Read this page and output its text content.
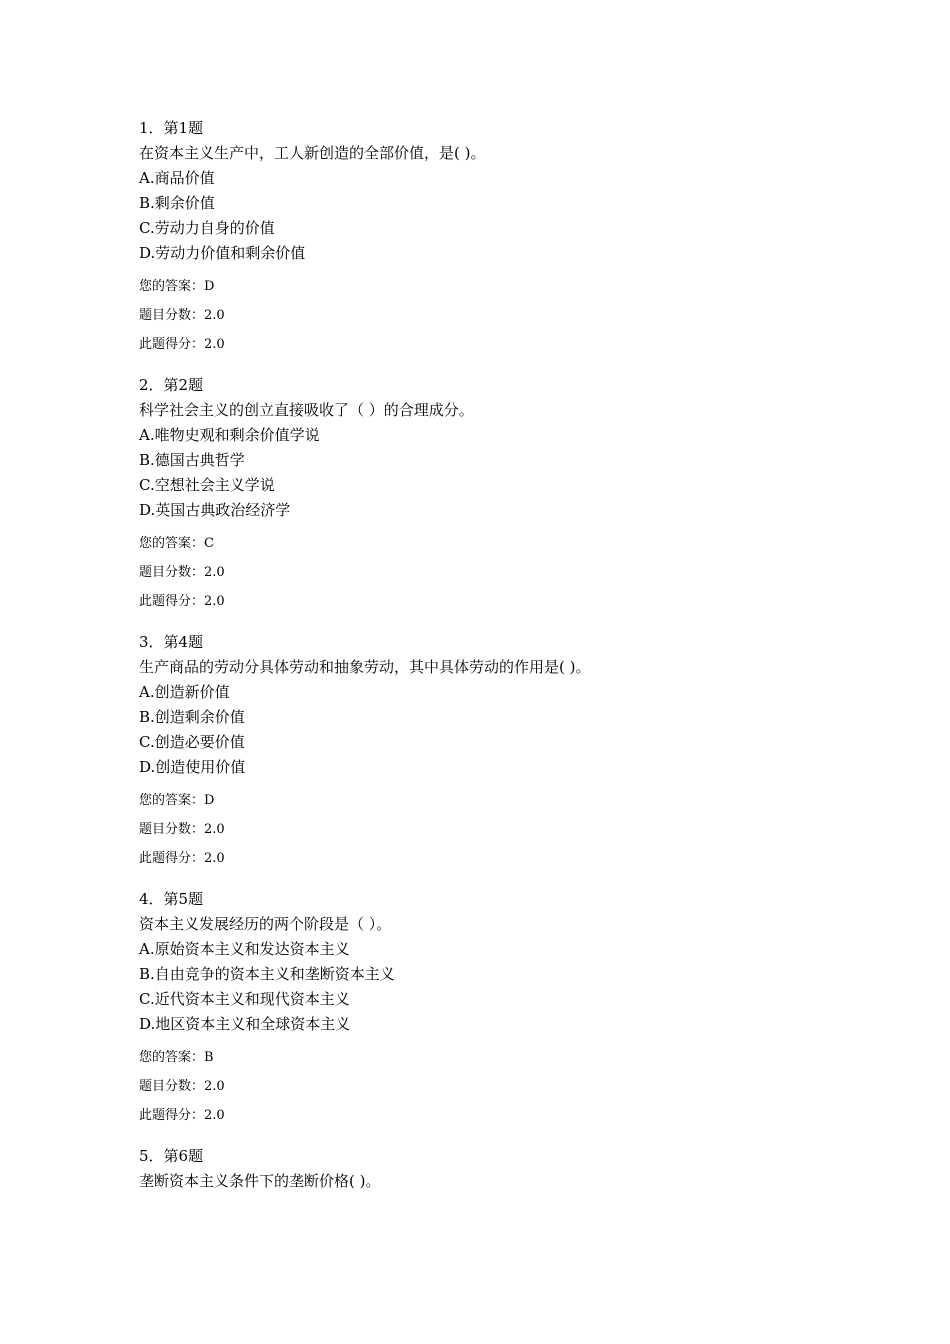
1．第1题
在资本主义生产中，工人新创造的全部价值，是( )。
A.商品价值
B.剩余价值
C.劳动力自身的价值
D.劳动力价值和剩余价值
您的答案：D
题目分数：2.0
此题得分：2.0
2．第2题
科学社会主义的创立直接吸收了（ ）的合理成分。
A.唯物史观和剩余价值学说
B.德国古典哲学
C.空想社会主义学说
D.英国古典政治经济学
您的答案：C
题目分数：2.0
此题得分：2.0
3．第4题
生产商品的劳动分具体劳动和抽象劳动，其中具体劳动的作用是( )。
A.创造新价值
B.创造剩余价值
C.创造必要价值
D.创造使用价值
您的答案：D
题目分数：2.0
此题得分：2.0
4．第5题
资本主义发展经历的两个阶段是（ ）。
A.原始资本主义和发达资本主义
B.自由竞争的资本主义和垄断资本主义
C.近代资本主义和现代资本主义
D.地区资本主义和全球资本主义
您的答案：B
题目分数：2.0
此题得分：2.0
5．第6题
垄断资本主义条件下的垄断价格( )。
